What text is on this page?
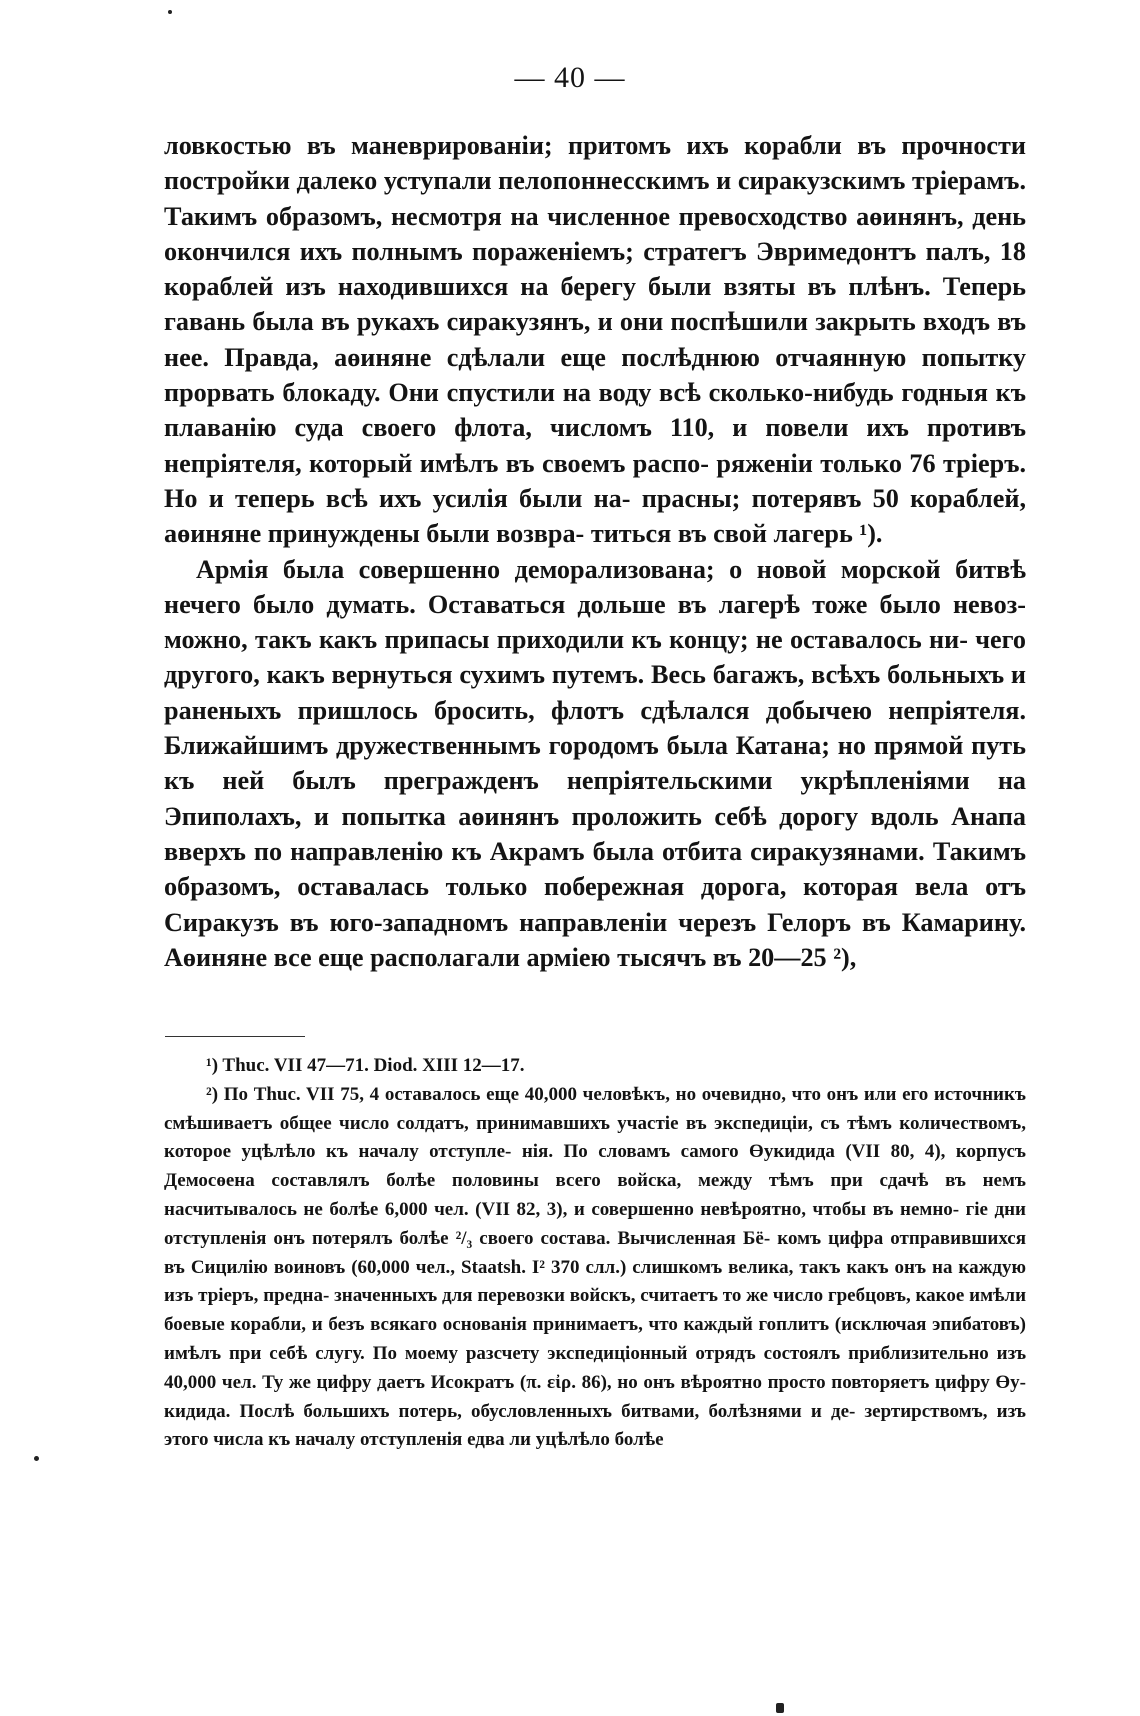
— 40 —

ловкостью въ маневрированіи; притомъ ихъ корабли въ прочности постройки далеко уступали пелопоннесскимъ и сиракузскимъ тріерамъ. Такимъ образомъ, несмотря на численное превосходство аөинянъ, день окончился ихъ полнымъ пораженіемъ; стратегъ Эвримедонтъ палъ, 18 кораблей изъ находившихся на берегу были взяты въ плѣнъ. Теперь гавань была въ рукахъ сиракузянъ, и они поспѣшили закрыть входъ въ нее. Правда, аөиняне сдѣлали еще послѣднюю отчаянную попытку прорвать блокаду. Они спустили на воду всѣ сколько-нибудь годныя къ плаванію суда своего флота, числомъ 110, и повели ихъ противъ непріятеля, который имѣлъ въ своемъ распо- ряженіи только 76 тріеръ. Но и теперь всѣ ихъ усилія были на- прасны; потерявъ 50 кораблей, аөиняне принуждены были возвра- титься въ свой лагерь ¹).

Армія была совершенно деморализована; о новой морской битвѣ нечего было думать. Оставаться дольше въ лагерѣ тоже было невоз- можно, такъ какъ припасы приходили къ концу; не оставалось ни- чего другого, какъ вернуться сухимъ путемъ. Весь багажъ, всѣхъ больныхъ и раненыхъ пришлось бросить, флотъ сдѣлался добычею непріятеля. Ближайшимъ дружественнымъ городомъ была Катана; но прямой путь къ ней былъ прегражденъ непріятельскими укрѣпленіями на Эпиполахъ, и попытка аөинянъ проложить себѣ дорогу вдоль Анапа вверхъ по направленію къ Акрамъ была отбита сиракузянами. Такимъ образомъ, оставалась только побережная дорога, которая вела отъ Сиракузъ въ юго-западномъ направленіи черезъ Гелоръ въ Камарину. Аөиняне все еще располагали арміею тысячъ въ 20—25 ²),

¹) Thuc. VII 47—71. Diod. XIII 12—17.

²) По Thuc. VII 75, 4 оставалось еще 40,000 человѣкъ, но очевидно, что онъ или его источникъ смѣшиваетъ общее число солдатъ, принимавшихъ участіе въ экспедиціи, съ тѣмъ количествомъ, которое уцѣлѣло къ началу отступле- нія. По словамъ самого Өукидида (VII 80, 4), корпусъ Демосөена составлялъ болѣе половины всего войска, между тѣмъ при сдачѣ въ немъ насчитывалось не болѣе 6,000 чел. (VII 82, 3), и совершенно невѣроятно, чтобы въ немно- гіе дни отступленія онъ потерялъ болѣе ²/₃ своего состава. Вычисленная Бё- комъ цифра отправившихся въ Сицилію воиновъ (60,000 чел., Staatsh. I² 370 слл.) слишкомъ велика, такъ какъ онъ на каждую изъ тріеръ, предна- значенныхъ для перевозки войскъ, считаетъ то же число гребцовъ, какое имѣли боевые корабли, и безъ всякаго основанія принимаетъ, что каждый гоплитъ (исключая эпибатовъ) имѣлъ при себѣ слугу. По моему разсчету экспедиціонный отрядъ состоялъ приблизительно изъ 40,000 чел. Ту же цифру даетъ Исократъ (π. εἰρ. 86), но онъ вѣроятно просто повторяетъ цифру Өу- кидида. Послѣ большихъ потерь, обусловленныхъ битвами, болѣзнями и де- зертирствомъ, изъ этого числа къ началу отступленія едва ли уцѣлѣло болѣе
